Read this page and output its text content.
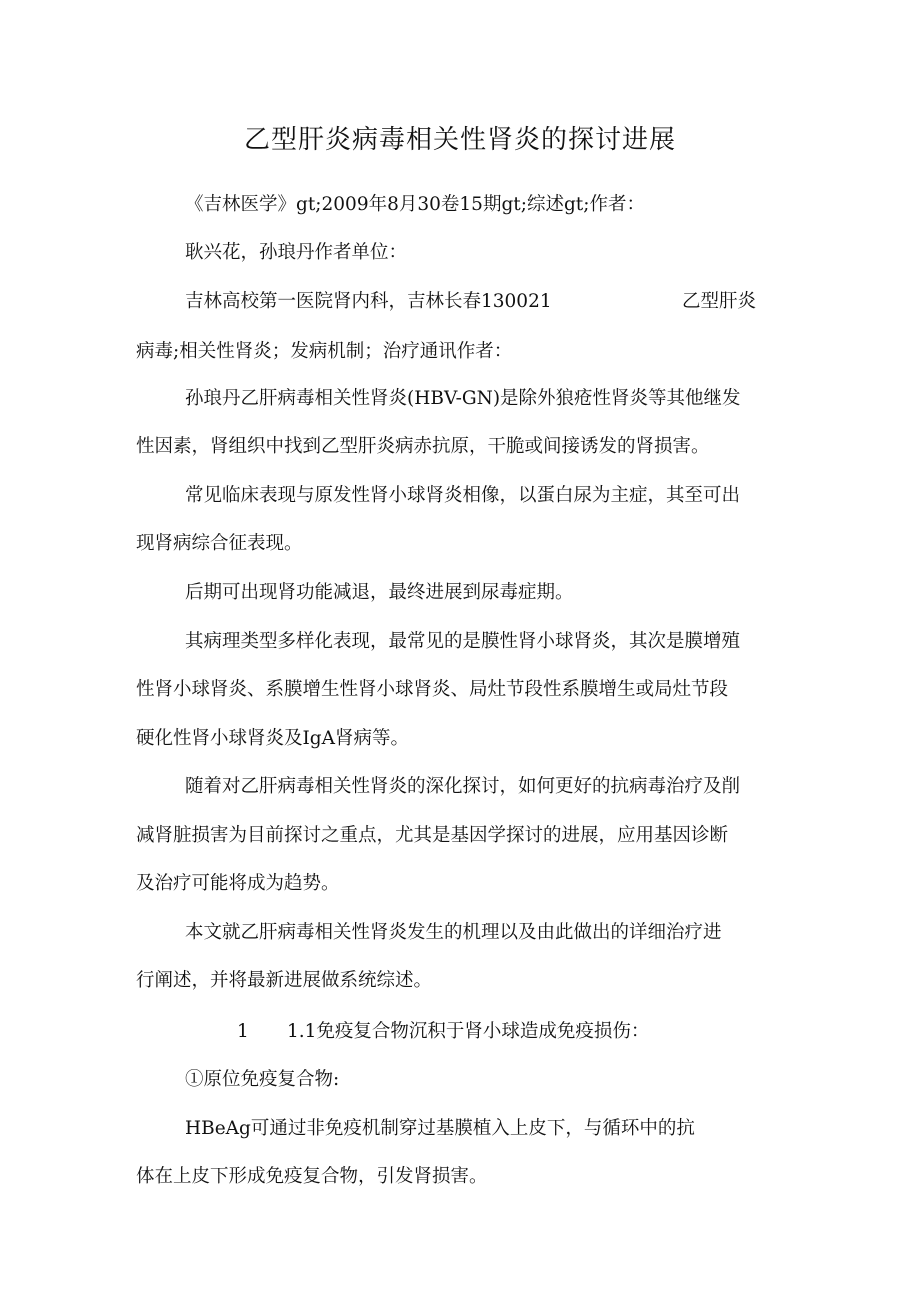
乙型肝炎病毒相关性肾炎的探讨进展

《吉林医学》gt;2009年8月30卷15期gt;综述gt;作者：

耿兴花，孙琅丹作者单位：

吉林高校第一医院肾内科，吉林长春130021	乙型肝炎

病毒;相关性肾炎；发病机制；治疗通讯作者：

孙琅丹乙肝病毒相关性肾炎(HBV-GN)是除外狼疮性肾炎等其他继发

性因素，肾组织中找到乙型肝炎病赤抗原，干脆或间接诱发的肾损害。

常见临床表现与原发性肾小球肾炎相像，以蛋白尿为主症，其至可出

现肾病综合征表现。

后期可出现肾功能减退，最终进展到尿毒症期。

其病理类型多样化表现，最常见的是膜性肾小球肾炎，其次是膜增殖

性肾小球肾炎、系膜增生性肾小球肾炎、局灶节段性系膜增生或局灶节段

硬化性肾小球肾炎及IgA肾病等。

随着对乙肝病毒相关性肾炎的深化探讨，如何更好的抗病毒治疗及削

减肾脏损害为目前探讨之重点，尤其是基因学探讨的进展，应用基因诊断

及治疗可能将成为趋势。

本文就乙肝病毒相关性肾炎发生的机理以及由此做出的详细治疗进

行阐述，并将最新进展做系统综述。

1 1.1免疫复合物沉积于肾小球造成免疫损伤：

①原位免疫复合物:

HBeAg可通过非免疫机制穿过基膜植入上皮下，与循环中的抗

体在上皮下形成免疫复合物，引发肾损害。
